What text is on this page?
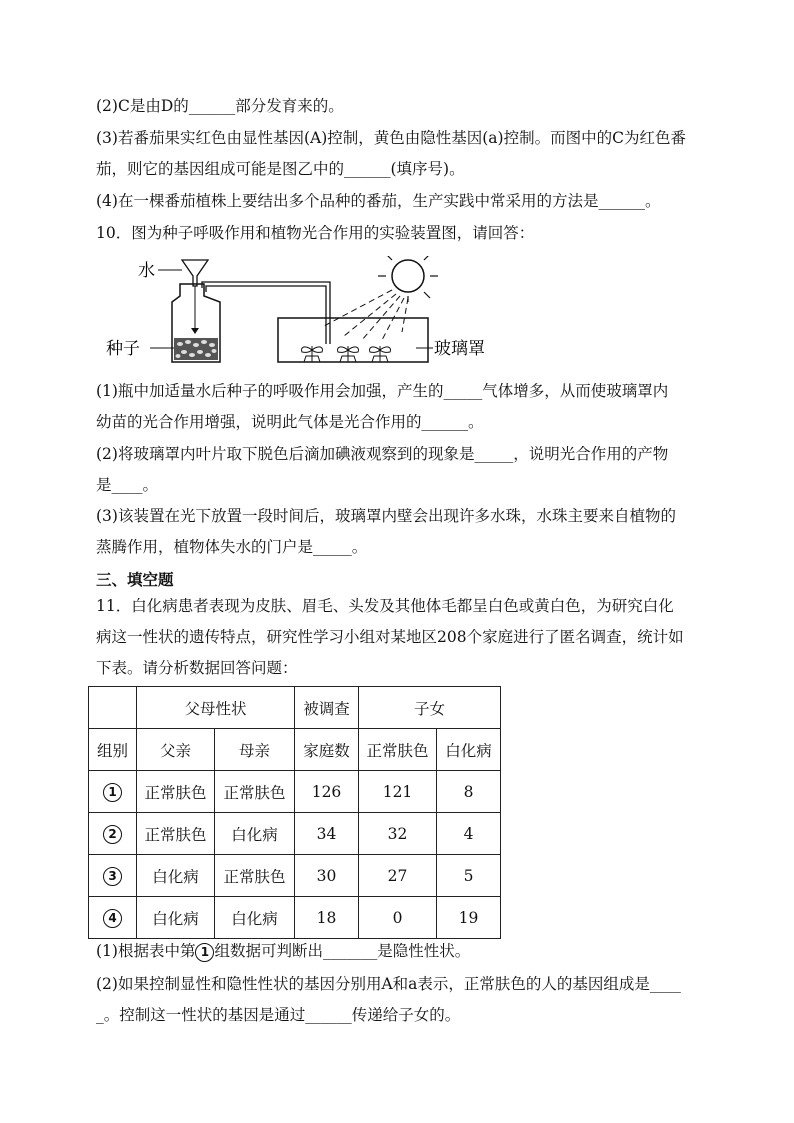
(2)C是由D的______部分发育来的。
(3)若番茄果实红色由显性基因(A)控制，黄色由隐性基因(a)控制。而图中的C为红色番
茄，则它的基因组成可能是图乙中的______(填序号)。
(4)在一棵番茄植株上要结出多个品种的番茄，生产实践中常采用的方法是______。
10．图为种子呼吸作用和植物光合作用的实验装置图，请回答：
水
种子	玻璃罩
(1)瓶中加适量水后种子的呼吸作用会加强，产生的_____气体增多，从而使玻璃罩内
幼苗的光合作用增强，说明此气体是光合作用的______。
(2)将玻璃罩内叶片取下脱色后滴加碘液观察到的现象是_____，说明光合作用的产物
是____。
(3)该装置在光下放置一段时间后，玻璃罩内壁会出现许多水珠，水珠主要来自植物的
蒸腾作用，植物体失水的门户是_____。
三、填空题
11．白化病患者表现为皮肤、眉毛、头发及其他体毛都呈白色或黄白色，为研究白化
病这一性状的遗传特点，研究性学习小组对某地区208个家庭进行了匿名调查，统计如
下表。请分析数据回答问题：
	父母性状		被调查	子女	
组别	父亲	母亲	家庭数	正常肤色	白化病
1	正常肤色	正常肤色	126	121	8
2	正常肤色	白化病	34	32	4
3	白化病	正常肤色	30	27	5
4	白化病	白化病	18	0	19
(1)根据表中第 1 组数据可判断出_______是隐性性状。
(2)如果控制显性和隐性性状的基因分别用A和a表示，正常肤色的人的基因组成是____
_。控制这一性状的基因是通过______传递给子女的。
